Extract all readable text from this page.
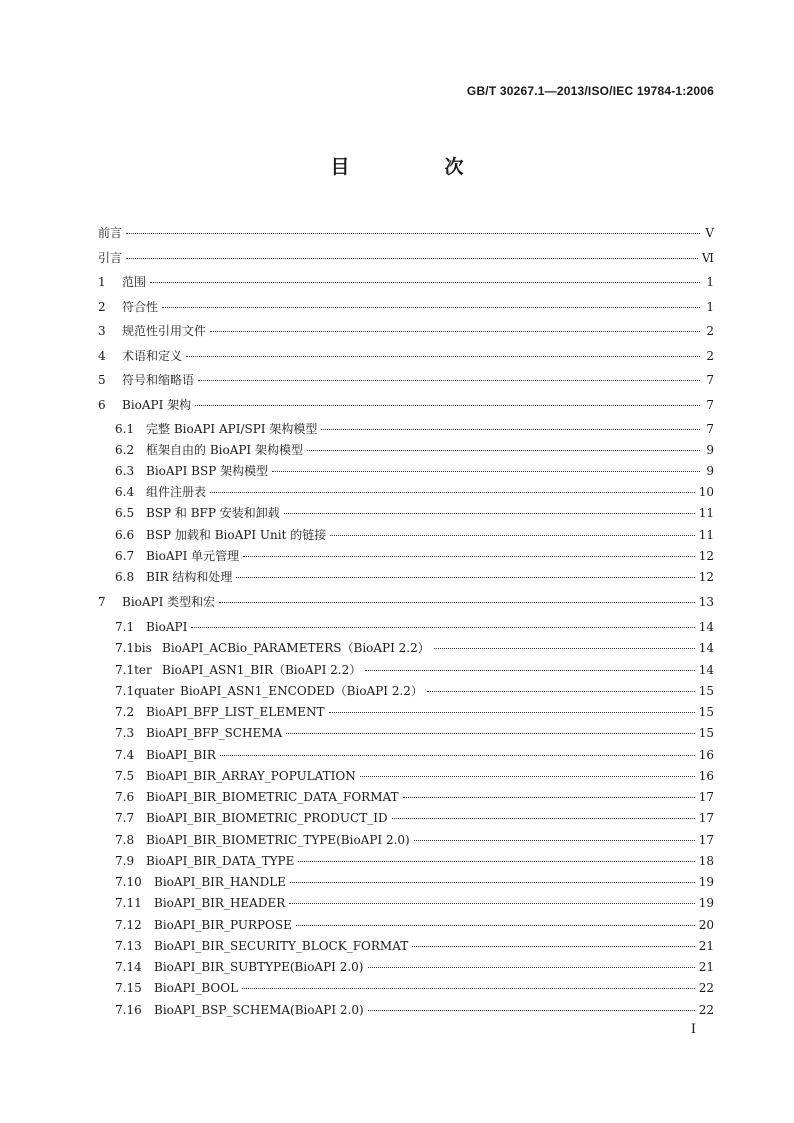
GB/T 30267.1—2013/ISO/IEC 19784-1:2006
目　次
前言	Ⅴ
引言	Ⅵ
1	范围	1
2	符合性	1
3	规范性引用文件	2
4	术语和定义	2
5	符号和缩略语	7
6	BioAPI 架构	7
6.1 完整 BioAPI API/SPI 架构模型	7
6.2 框架自由的 BioAPI 架构模型	9
6.3 BioAPI BSP 架构模型	9
6.4 组件注册表	10
6.5 BSP 和 BFP 安装和卸载	11
6.6 BSP 加载和 BioAPI Unit 的链接	11
6.7 BioAPI 单元管理	12
6.8 BIR 结构和处理	12
7	BioAPI 类型和宏	13
7.1 BioAPI	14
7.1bis BioAPI_ACBio_PARAMETERS（BioAPI 2.2）	14
7.1ter BioAPI_ASN1_BIR（BioAPI 2.2）	14
7.1quater BioAPI_ASN1_ENCODED（BioAPI 2.2）	15
7.2 BioAPI_BFP_LIST_ELEMENT	15
7.3 BioAPI_BFP_SCHEMA	15
7.4 BioAPI_BIR	16
7.5 BioAPI_BIR_ARRAY_POPULATION	16
7.6 BioAPI_BIR_BIOMETRIC_DATA_FORMAT	17
7.7 BioAPI_BIR_BIOMETRIC_PRODUCT_ID	17
7.8 BioAPI_BIR_BIOMETRIC_TYPE(BioAPI 2.0)	17
7.9 BioAPI_BIR_DATA_TYPE	18
7.10	BioAPI_BIR_HANDLE	19
7.11	BioAPI_BIR_HEADER	19
7.12	BioAPI_BIR_PURPOSE	20
7.13	BioAPI_BIR_SECURITY_BLOCK_FORMAT	21
7.14	BioAPI_BIR_SUBTYPE(BioAPI 2.0)	21
7.15	BioAPI_BOOL	22
7.16	BioAPI_BSP_SCHEMA(BioAPI 2.0)	22
Ⅰ
